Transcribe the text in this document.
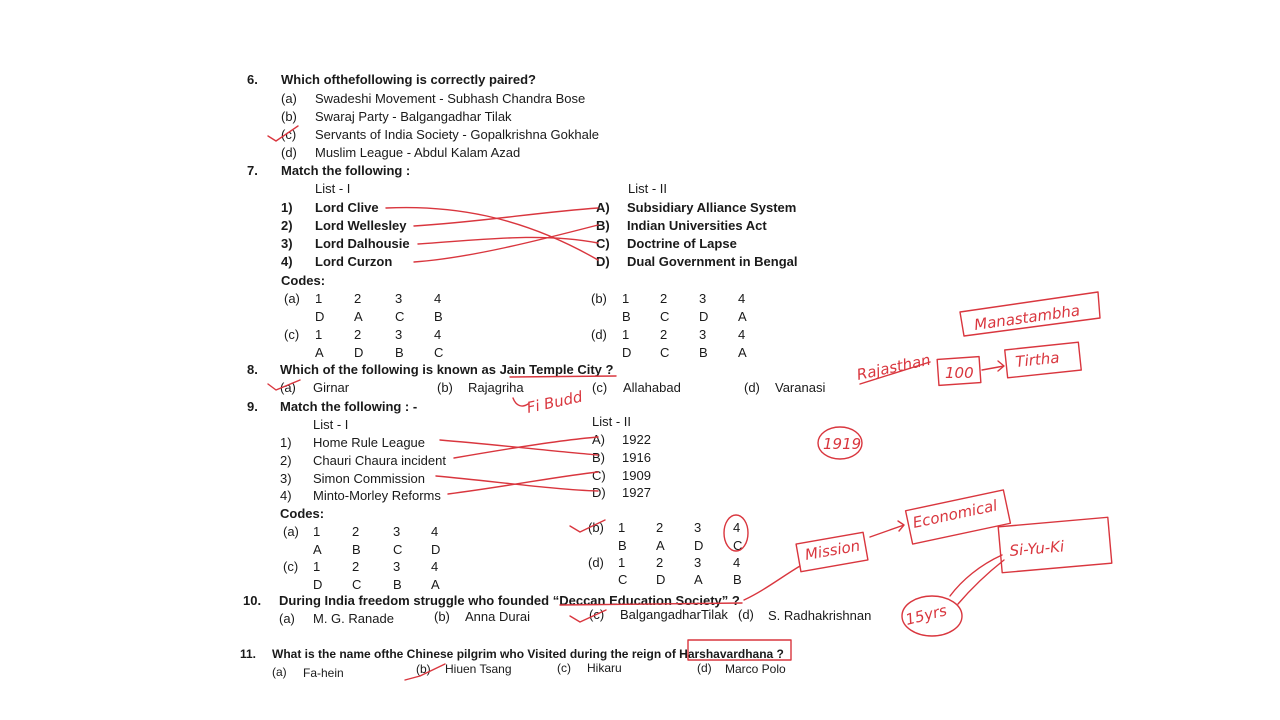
6. Which ofthefollowing is correctly paired?
(a) Swadeshi Movement - Subhash Chandra Bose
(b) Swaraj Party - Balgangadhar Tilak
(c) Servants of India Society - Gopalkrishna Gokhale
(d) Muslim League - Abdul Kalam Azad
7. Match the following :
List - I	List - II
1) Lord Clive
2) Lord Wellesley
3) Lord Dalhousie
4) Lord Curzon
A) Subsidiary Alliance System
B) Indian Universities Act
C) Doctrine of Lapse
D) Dual Government in Bengal
Codes:
(a) 1 2	3 4
D A C B
(b) 1 2 3 4
B C D A
(c) 1 2	3 4
A D B C
(d) 1 2 3 4
D C B A
8. Which of the following is known as Jain Temple City ?
(a) Girnar	(b) Rajagriha	(c) Allahabad	(d) Varanasi
9. Match the following : -
List - I	List - II
1) Home Rule League
2) Chauri Chaura incident
3) Simon Commission
4) Minto-Morley Reforms
A) 1922
B) 1916
C) 1909
D) 1927
Codes:
(a) 1 2	3 4
A B C D
(b) 1 2 3 4
B A D C
(c) 1 2	3 4
D C B A
(d) 1 2 3 4
C D A B
10. During India freedom struggle who founded “Deccan Education Society” ?
(a) M. G. Ranade	(b) Anna Durai	(c) BalgangadharTilak (d) S. Radhakrishnan
11. What is the name ofthe Chinese pilgrim who Visited during the reign of Harshavardhana ?
(a) Fa-hein	(b) Hiuen Tsang	(c) Hikaru	(d) Marco Polo
Fi Budd
Manastambha
Rajasthan 100
Tirtha
1919
Mission
Economical
Si-Yu-Ki
15yrs
